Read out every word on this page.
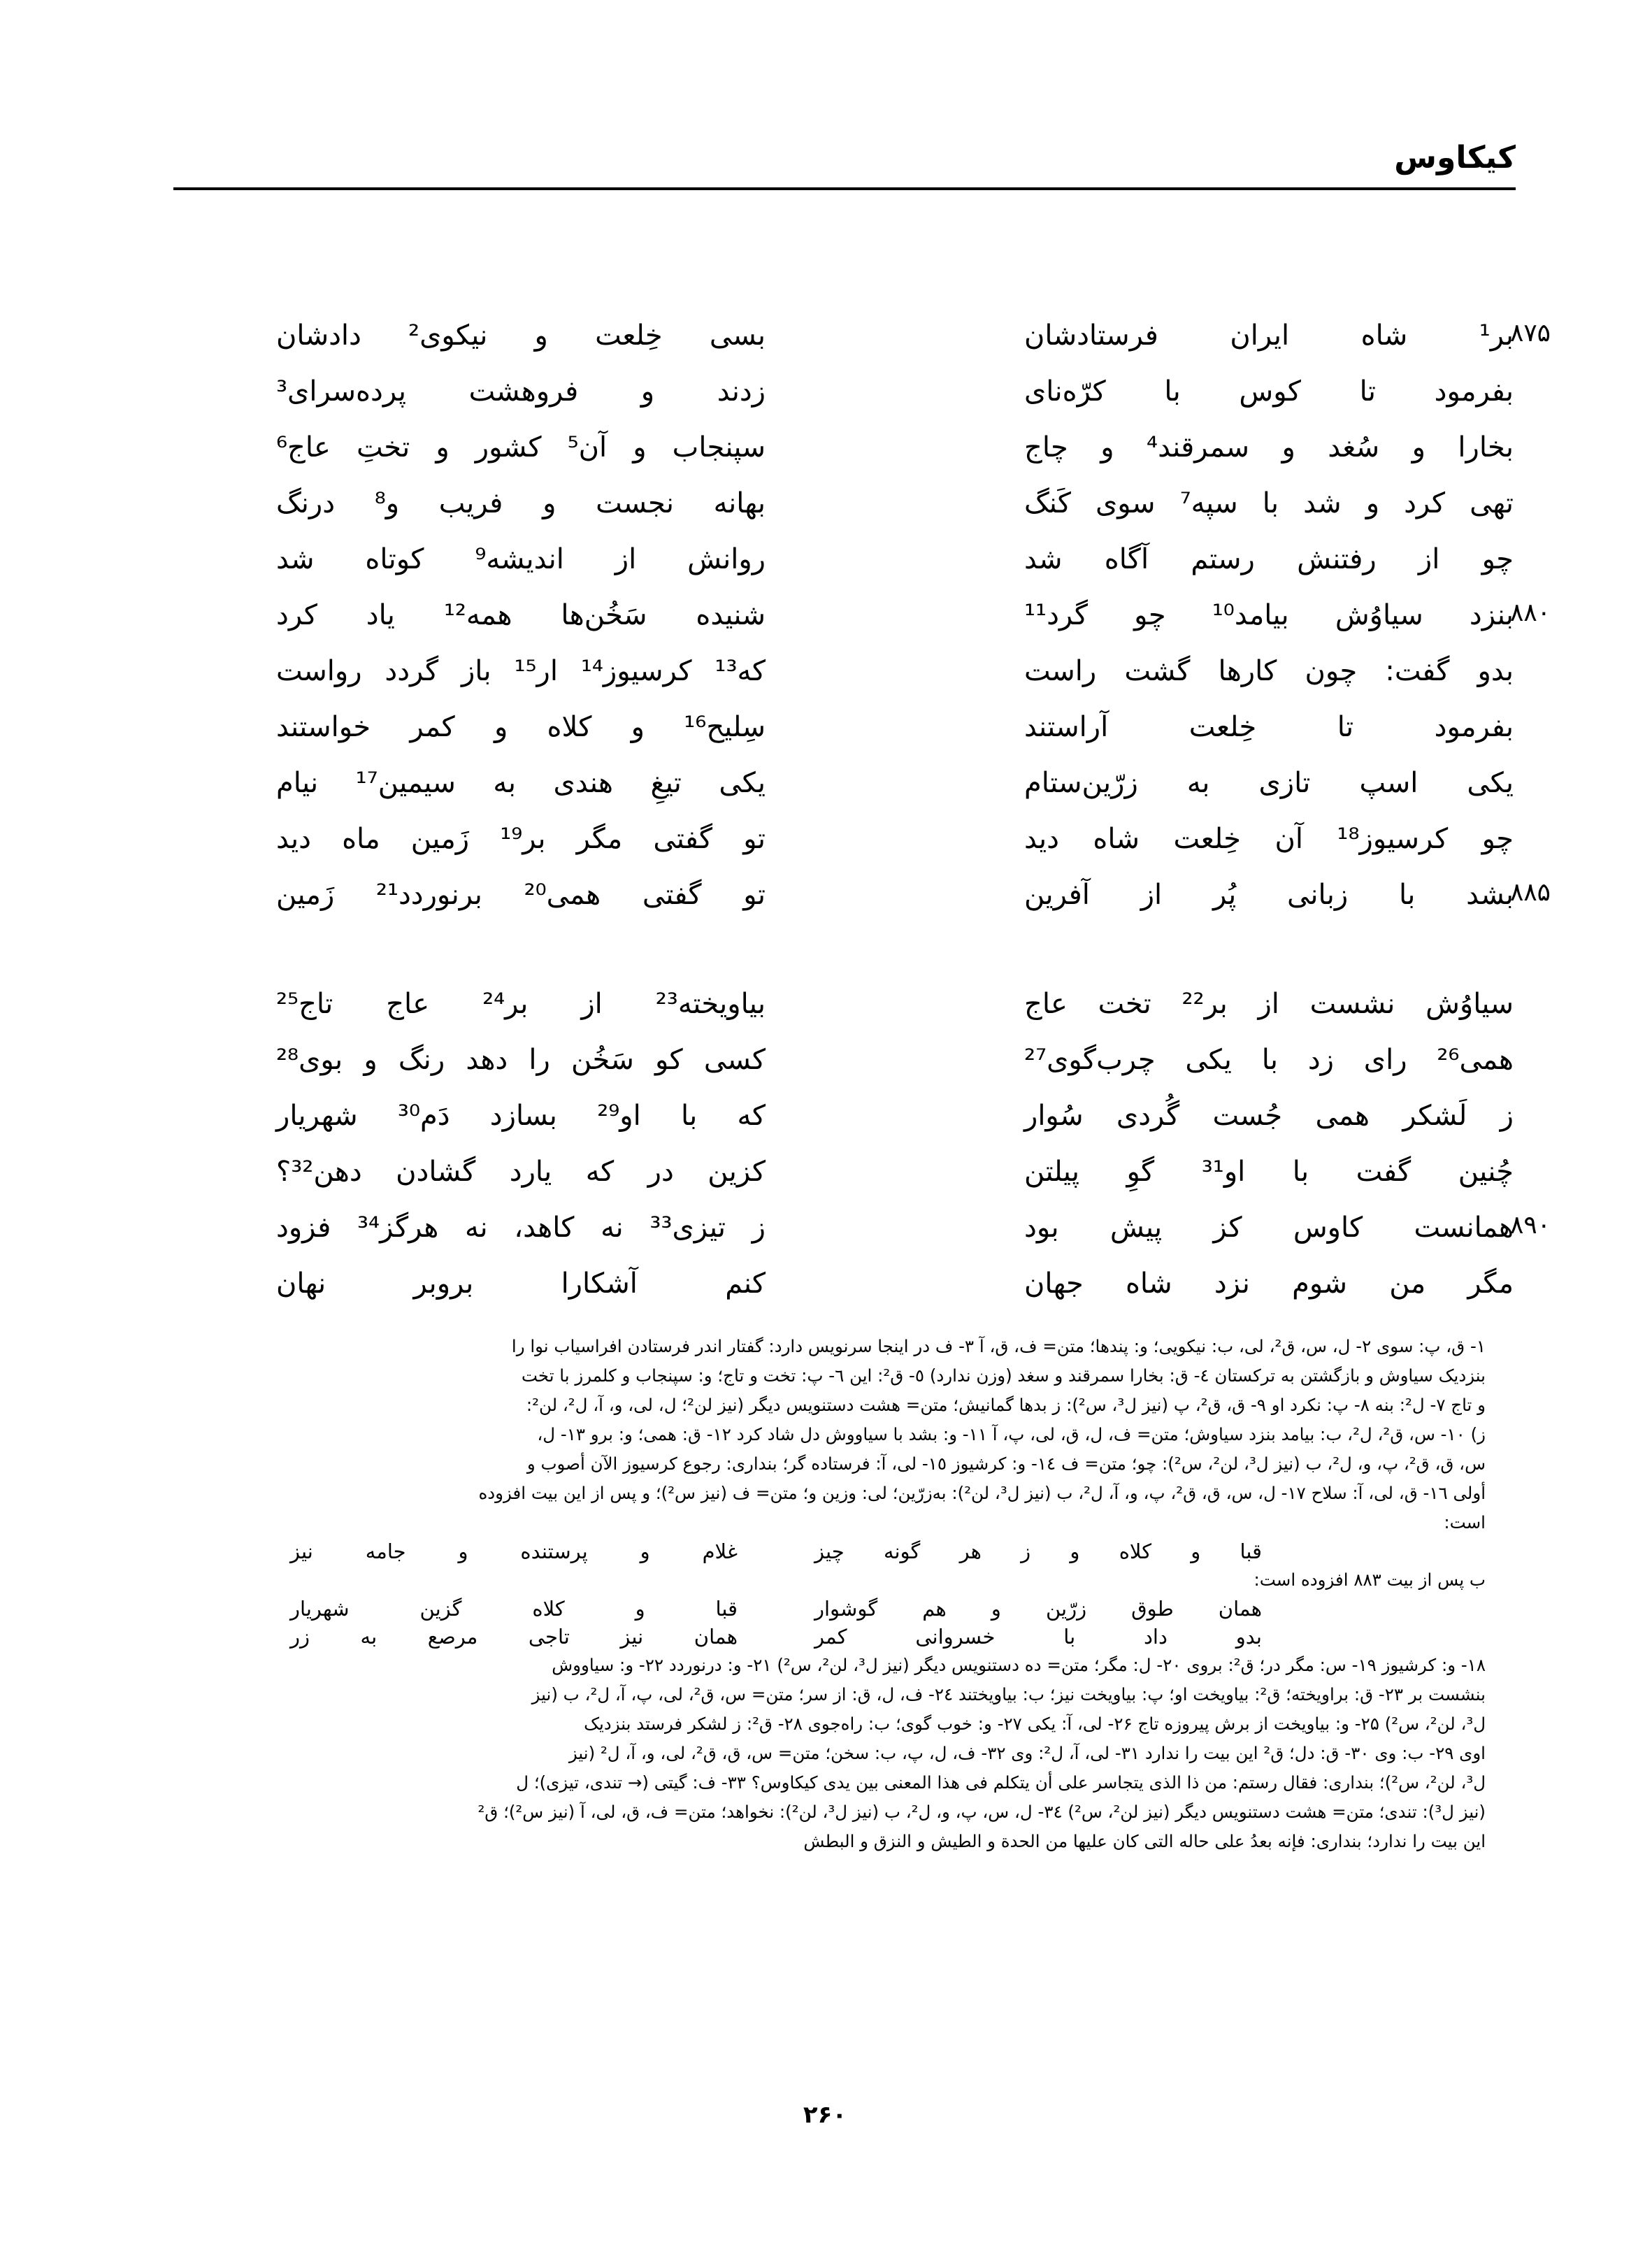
کیکاوس
۸۷۵
بر¹ شاه ایران فرستادشان
بسی خِلعت و نیکوی² دادشان
بفرمود تا کوس با کرّه‌نای
زدند و فروهشت پرده‌سرای³
بخارا و سُغد و سمرقند⁴ و چاج
سپنجاب و آن⁵ کشور و تختِ عاج⁶
تهی کرد و شد با سپه⁷ سوی کَنگ
بهانه نجست و فریب و⁸ درنگ
چو از رفتنش رستم آگاه شد
روانش از اندیشه⁹ کوتاه شد
۸۸۰
بنزد سیاوُش بیامد¹⁰ چو گرد¹¹
شنیده سَخُن‌ها همه¹² یاد کرد
بدو گفت: چون کارها گشت راست
که¹³ کرسیوز¹⁴ ار¹⁵ باز گردد رواست
بفرمود تا خِلعت آراستند
سِلیح¹⁶ و کلاه و کمر خواستند
یکی اسپ تازی به زرّین‌ستام
یکی تیغِ هندی به سیمین¹⁷ نیام
چو کرسیوز¹⁸ آن خِلعت شاه دید
تو گفتی مگر بر¹⁹ زَمین ماه دید
۸۸۵
بشد با زبانی پُر از آفرین
تو گفتی همی²⁰ برنوردد²¹ زَمین
سیاوُش نشست از بر²² تخت عاج
بیاویخته²³ از بر²⁴ عاج تاج²⁵
همی²⁶ رای زد با یکی چرب‌گوی²⁷
کسی کو سَخُن را دهد رنگ و بوی²⁸
ز لَشکر همی جُست گُردی سُوار
که با او²⁹ بسازد دَم³⁰ شهریار
چُنین گفت با او³¹ گوِ پیلتن
کزین در که یارد گشادن دهن³²؟
۸۹۰
همانست کاوس کز پیش بود
ز تیزی³³ نه کاهد، نه هرگز³⁴ فزود
مگر من شوم نزد شاه جهان
کنم آشکارا بروبر نهان
۱- ق، پ: سوی ۲- ل، س، ق²، لی، ب: نیکویی؛ و: پندها؛ متن= ف، ق، آ ۳- ف در اینجا سرنویس دارد: گفتار اندر فرستادن افراسیاب نوا را
بنزدیک سیاوش و بازگشتن به ترکستان ٤- ق: بخارا سمرقند و سغد (وزن ندارد) ٥- ق²: این ٦- پ: تخت و تاج؛ و: سپنجاب و کلمرز با تخت
و تاج ٧- ل²: بنه ٨- پ: نکرد او ٩- ق، ق²، پ (نیز ل³، س²): ز بدها گمانیش؛ متن= هشت دستنویس دیگر (نیز لن²؛ ل، لی، و، آ، ل²، لن²:
ز) ۱۰- س، ق²، ل²، ب: بیامد بنزد سیاوش؛ متن= ف، ل، ق، لی، پ، آ ۱۱- و: بشد با سیاووش دل شاد کرد ۱۲- ق: همی؛ و: برو ۱۳- ل،
س، ق، ق²، پ، و، ل²، ب (نیز ل³، لن²، س²): چو؛ متن= ف ١٤- و: کرشیوز ١٥- لی، آ: فرستاده گر؛ بنداری: رجوع کرسیوز الآن أصوب و
أولی ١٦- ق، لی، آ: سلاح ١٧- ل، س، ق، ق²، پ، و، آ، ل²، ب (نیز ل³، لن²): به‌زرّین؛ لی: وزین و؛ متن= ف (نیز س²)؛ و پس از این بیت افزوده
است:
قبا و کلاه و ز هر گونه چیز
غلام و پرستنده و جامه نیز
ب پس از بیت ۸۸۳ افزوده است:
همان طوق زرّین و هم گوشوار
قبا و کلاه گزین شهریار
بدو داد با خسروانی کمر
همان نیز تاجی مرصع به زر
۱۸- و: کرشیوز ۱۹- س: مگر در؛ ق²: بروی ۲۰- ل: مگر؛ متن= ده دستنویس دیگر (نیز ل³، لن²، س²) ۲۱- و: درنوردد ۲۲- و: سیاووش
بنشست بر ۲۳- ق: براویخته؛ ق²: بیاویخت او؛ پ: بیاویخت نیز؛ ب: بیاویختند ٢٤- ف، ل، ق: از سر؛ متن= س، ق²، لی، پ، آ، ل²، ب (نیز
ل³، لن²، س²) ۲۵- و: بیاویخت از برش پیروزه تاج ۲۶- لی، آ: یکی ۲۷- و: خوب گوی؛ ب: راه‌جوی ۲۸- ق²: ز لشکر فرستد بنزدیک
اوی ۲۹- ب: وی ۳۰- ق: دل؛ ق² این بیت را ندارد ۳۱- لی، آ، ل²: وی ۳۲- ف، ل، پ، ب: سخن؛ متن= س، ق، ق²، لی، و، آ، ل² (نیز
ل³، لن²، س²)؛ بنداری: فقال رستم: من ذا الذی یتجاسر علی أن یتکلم فی هذا المعنی بین یدی کیکاوس؟ ۳۳- ف: گیتی (→ تندی، تیزی)؛ ل
(نیز ل³): تندی؛ متن= هشت دستنویس دیگر (نیز لن²، س²) ٣٤- ل، س، پ، و، ل²، ب (نیز ل³، لن²): نخواهد؛ متن= ف، ق، لی، آ (نیز س²)؛ ق²
این بیت را ندارد؛ بنداری: فإنه بعدُ علی حاله التی کان علیها من الحدة و الطیش و النزق و البطش
۲۶۰
